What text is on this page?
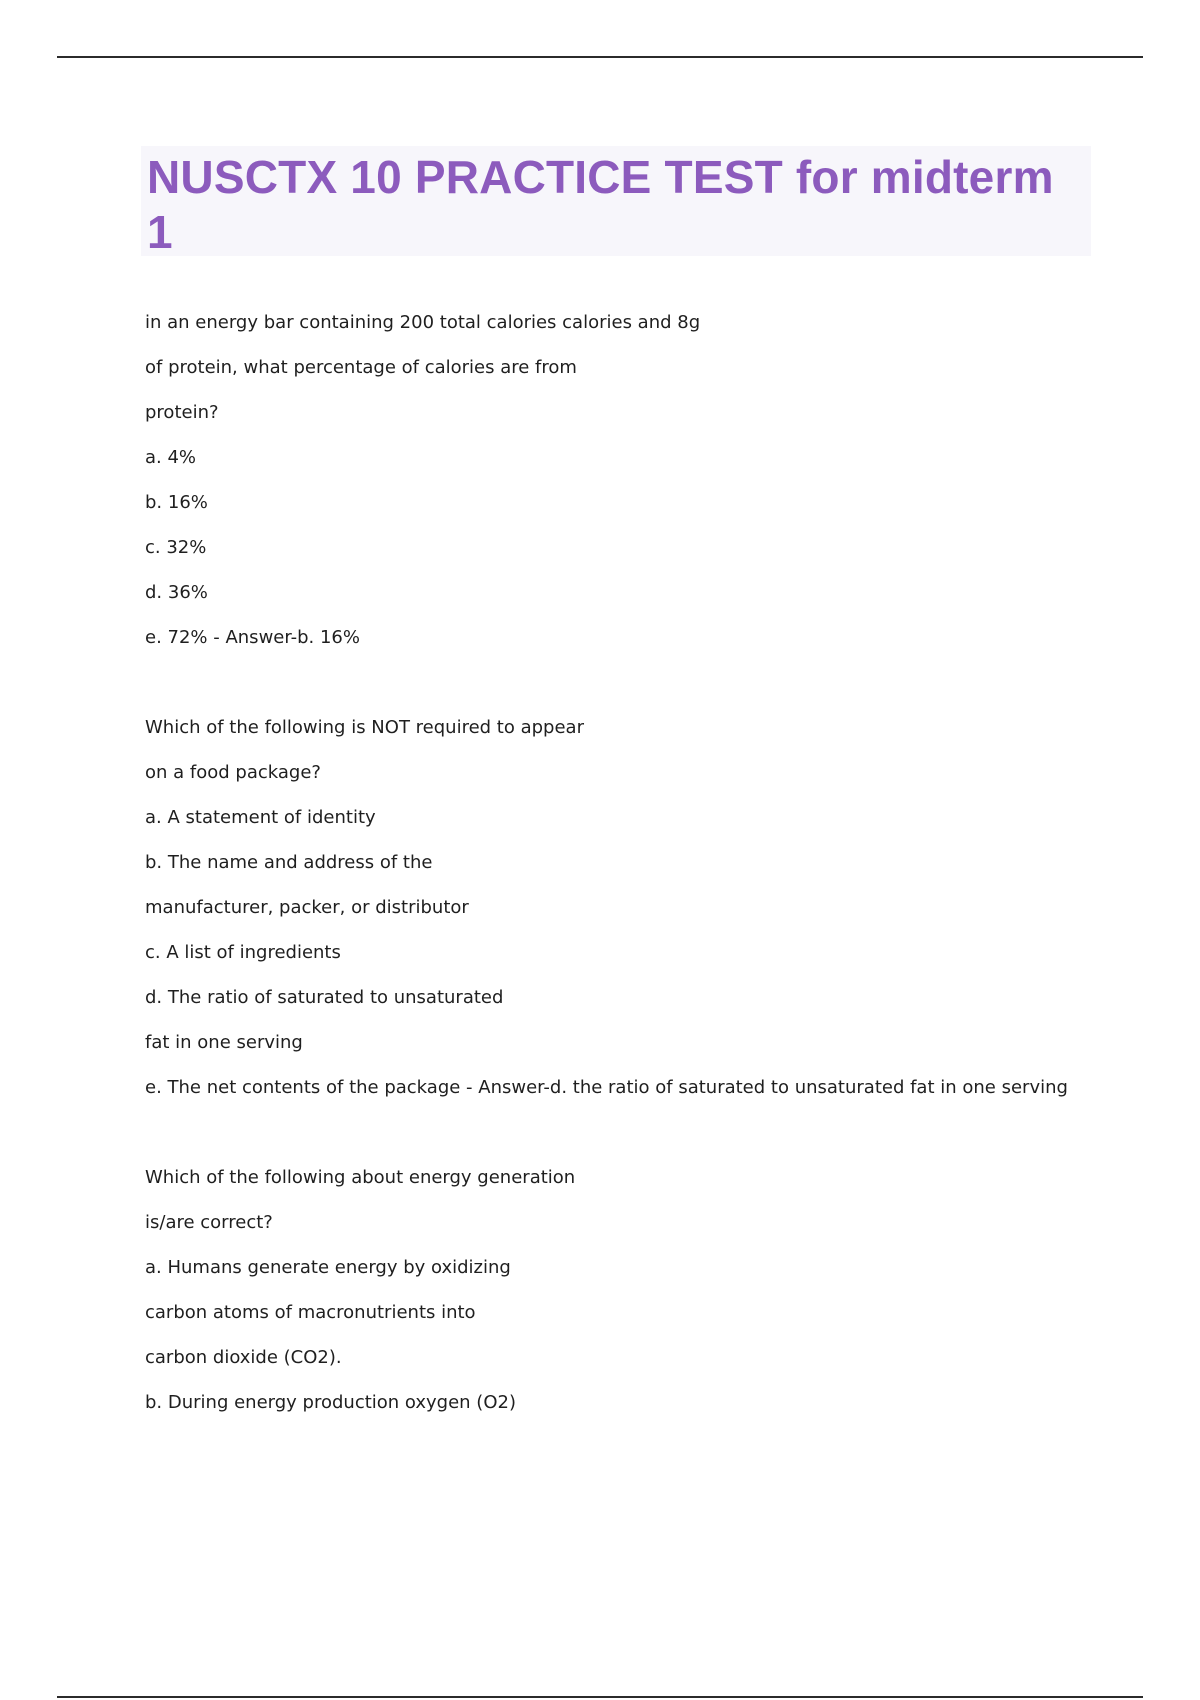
NUSCTX 10 PRACTICE TEST for midterm 1

in an energy bar containing 200 total calories calories and 8g

of protein, what percentage of calories are from

protein?

a. 4%

b. 16%

c. 32%

d. 36%

e. 72% - Answer-b. 16%

Which of the following is NOT required to appear

on a food package?

a. A statement of identity

b. The name and address of the

manufacturer, packer, or distributor

c. A list of ingredients

d. The ratio of saturated to unsaturated

fat in one serving

e. The net contents of the package - Answer-d. the ratio of saturated to unsaturated fat in one serving

Which of the following about energy generation

is/are correct?

a. Humans generate energy by oxidizing

carbon atoms of macronutrients into

carbon dioxide (CO2).

b. During energy production oxygen (O2)
